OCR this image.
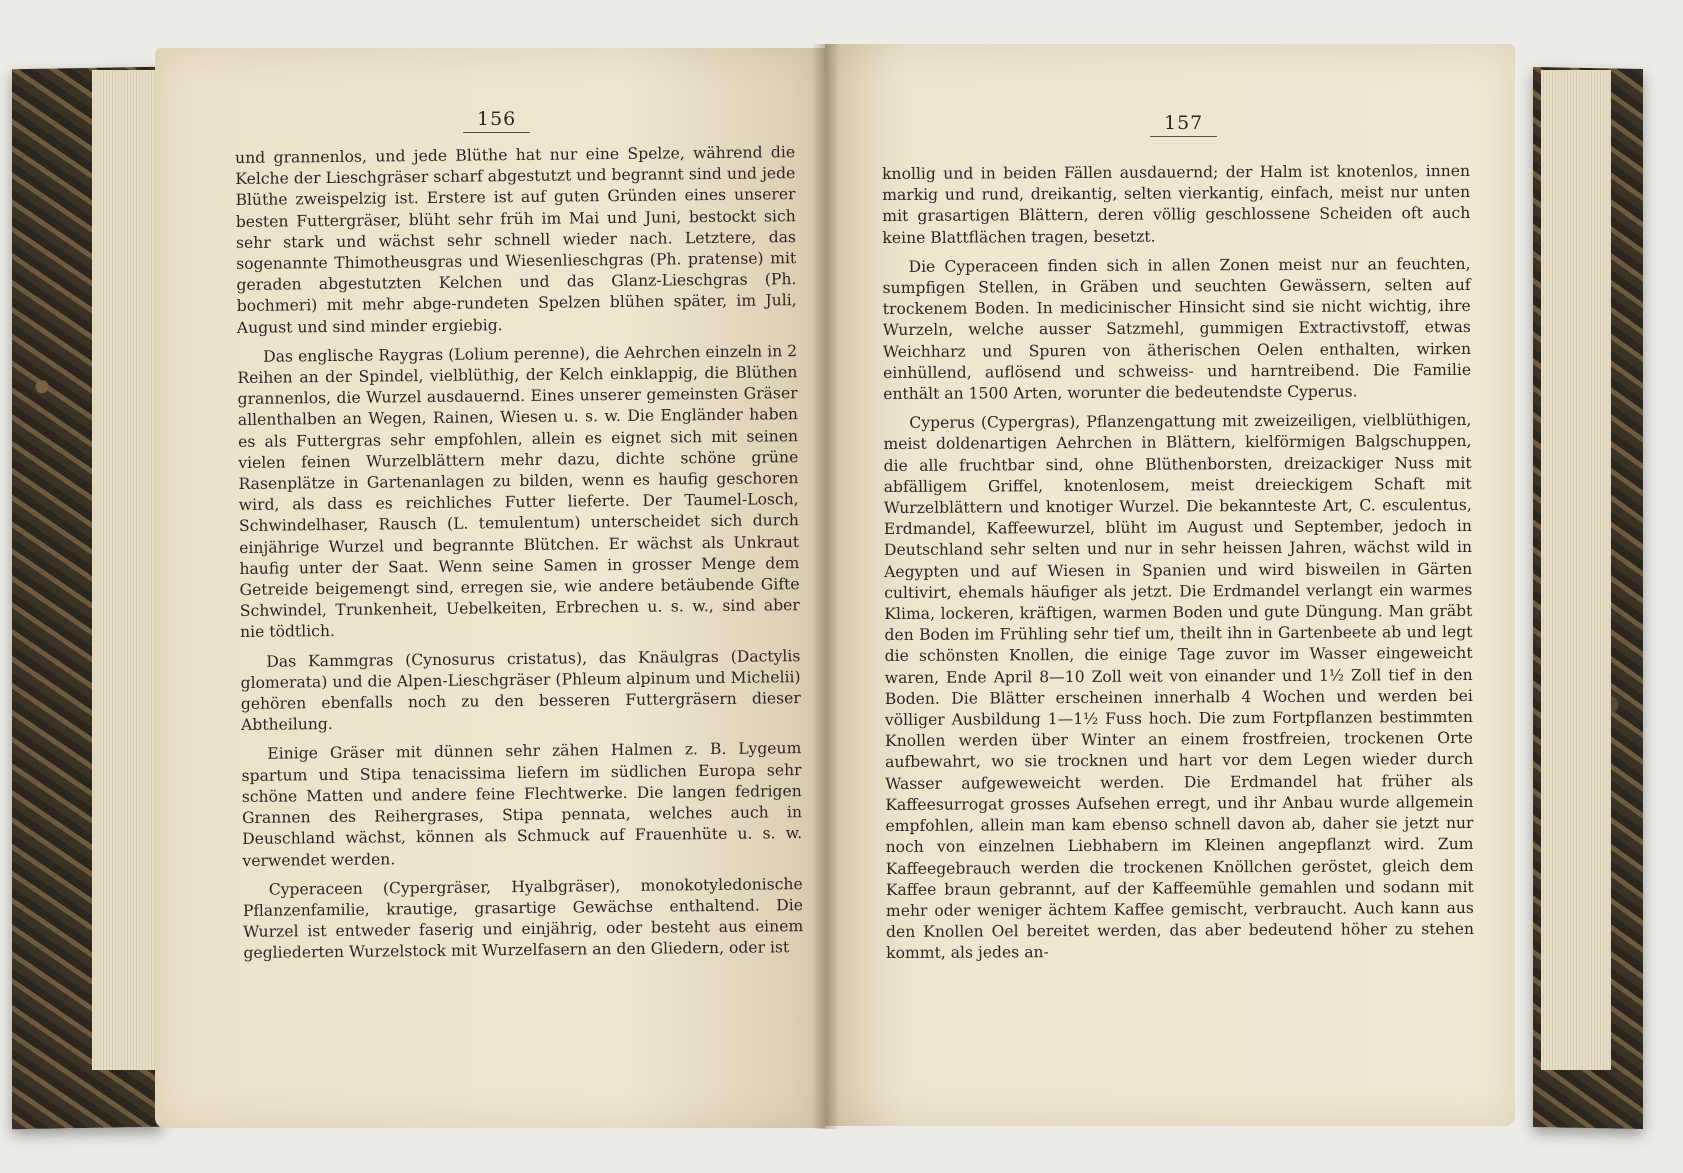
156

und grannenlos, und jede Blüthe hat nur eine Spelze, während die Kelche der Lieschgräser scharf abgestutzt und begrannt sind und jede Blüthe zweispelzig ist. Erstere ist auf guten Gründen eines unserer besten Futtergräser, blüht sehr früh im Mai und Juni, bestockt sich sehr stark und wächst sehr schnell wieder nach. Letztere, das sogenannte Thimotheusgras und Wiesenlieschgras (Ph. pratense) mit geraden abgestutzten Kelchen und das Glanz-Lieschgras (Ph. bochmeri) mit mehr abge-rundeten Spelzen blühen später, im Juli, August und sind minder ergiebig.

Das englische Raygras (Lolium perenne), die Aehrchen einzeln in 2 Reihen an der Spindel, vielblüthig, der Kelch einklappig, die Blüthen grannenlos, die Wurzel ausdauernd. Eines unserer gemeinsten Gräser allenthalben an Wegen, Rainen, Wiesen u. s. w. Die Engländer haben es als Futtergras sehr empfohlen, allein es eignet sich mit seinen vielen feinen Wurzelblättern mehr dazu, dichte schöne grüne Rasenplätze in Gartenanlagen zu bilden, wenn es haufig geschoren wird, als dass es reichliches Futter lieferte. Der Taumel-Losch, Schwindelhaser, Rausch (L. temulentum) unterscheidet sich durch einjährige Wurzel und begrannte Blütchen. Er wächst als Unkraut haufig unter der Saat. Wenn seine Samen in grosser Menge dem Getreide beigemengt sind, erregen sie, wie andere betäubende Gifte Schwindel, Trunkenheit, Uebelkeiten, Erbrechen u. s. w., sind aber nie tödtlich.

Das Kammgras (Cynosurus cristatus), das Knäulgras (Dactylis glomerata) und die Alpen-Lieschgräser (Phleum alpinum und Michelii) gehören ebenfalls noch zu den besseren Futtergräsern dieser Abtheilung.

Einige Gräser mit dünnen sehr zähen Halmen z. B. Lygeum spartum und Stipa tenacissima liefern im südlichen Europa sehr schöne Matten und andere feine Flechtwerke. Die langen fedrigen Grannen des Reihergrases, Stipa pennata, welches auch in Deuschland wächst, können als Schmuck auf Frauenhüte u. s. w. verwendet werden.

Cyperaceen (Cypergräser, Hyalbgräser), monokotyledonische Pflanzenfamilie, krautige, grasartige Gewächse enthaltend. Die Wurzel ist entweder faserig und einjährig, oder besteht aus einem gegliederten Wurzelstock mit Wurzelfasern an den Gliedern, oder ist

157

knollig und in beiden Fällen ausdauernd; der Halm ist knotenlos, innen markig und rund, dreikantig, selten vierkantig, einfach, meist nur unten mit grasartigen Blättern, deren völlig geschlossene Scheiden oft auch keine Blattflächen tragen, besetzt.

Die Cyperaceen finden sich in allen Zonen meist nur an feuchten, sumpfigen Stellen, in Gräben und seuchten Gewässern, selten auf trockenem Boden. In medicinischer Hinsicht sind sie nicht wichtig, ihre Wurzeln, welche ausser Satzmehl, gummigen Extractivstoff, etwas Weichharz und Spuren von ätherischen Oelen enthalten, wirken einhüllend, auflösend und schweiss- und harntreibend. Die Familie enthält an 1500 Arten, worunter die bedeutendste Cyperus.

Cyperus (Cypergras), Pflanzengattung mit zweizeiligen, vielblüthigen, meist doldenartigen Aehrchen in Blättern, kielförmigen Balgschuppen, die alle fruchtbar sind, ohne Blüthenborsten, dreizackiger Nuss mit abfälligem Griffel, knotenlosem, meist dreieckigem Schaft mit Wurzelblättern und knotiger Wurzel. Die bekannteste Art, C. esculentus, Erdmandel, Kaffeewurzel, blüht im August und September, jedoch in Deutschland sehr selten und nur in sehr heissen Jahren, wächst wild in Aegypten und auf Wiesen in Spanien und wird bisweilen in Gärten cultivirt, ehemals häufiger als jetzt. Die Erdmandel verlangt ein warmes Klima, lockeren, kräftigen, warmen Boden und gute Düngung. Man gräbt den Boden im Frühling sehr tief um, theilt ihn in Gartenbeete ab und legt die schönsten Knollen, die einige Tage zuvor im Wasser eingeweicht waren, Ende April 8—10 Zoll weit von einander und 1½ Zoll tief in den Boden. Die Blätter erscheinen innerhalb 4 Wochen und werden bei völliger Ausbildung 1—1½ Fuss hoch. Die zum Fortpflanzen bestimmten Knollen werden über Winter an einem frostfreien, trockenen Orte aufbewahrt, wo sie trocknen und hart vor dem Legen wieder durch Wasser aufgeweweicht werden. Die Erdmandel hat früher als Kaffeesurrogat grosses Aufsehen erregt, und ihr Anbau wurde allgemein empfohlen, allein man kam ebenso schnell davon ab, daher sie jetzt nur noch von einzelnen Liebhabern im Kleinen angepflanzt wird. Zum Kaffeegebrauch werden die trockenen Knöllchen geröstet, gleich dem Kaffee braun gebrannt, auf der Kaffeemühle gemahlen und sodann mit mehr oder weniger ächtem Kaffee gemischt, verbraucht. Auch kann aus den Knollen Oel bereitet werden, das aber bedeutend höher zu stehen kommt, als jedes an-
